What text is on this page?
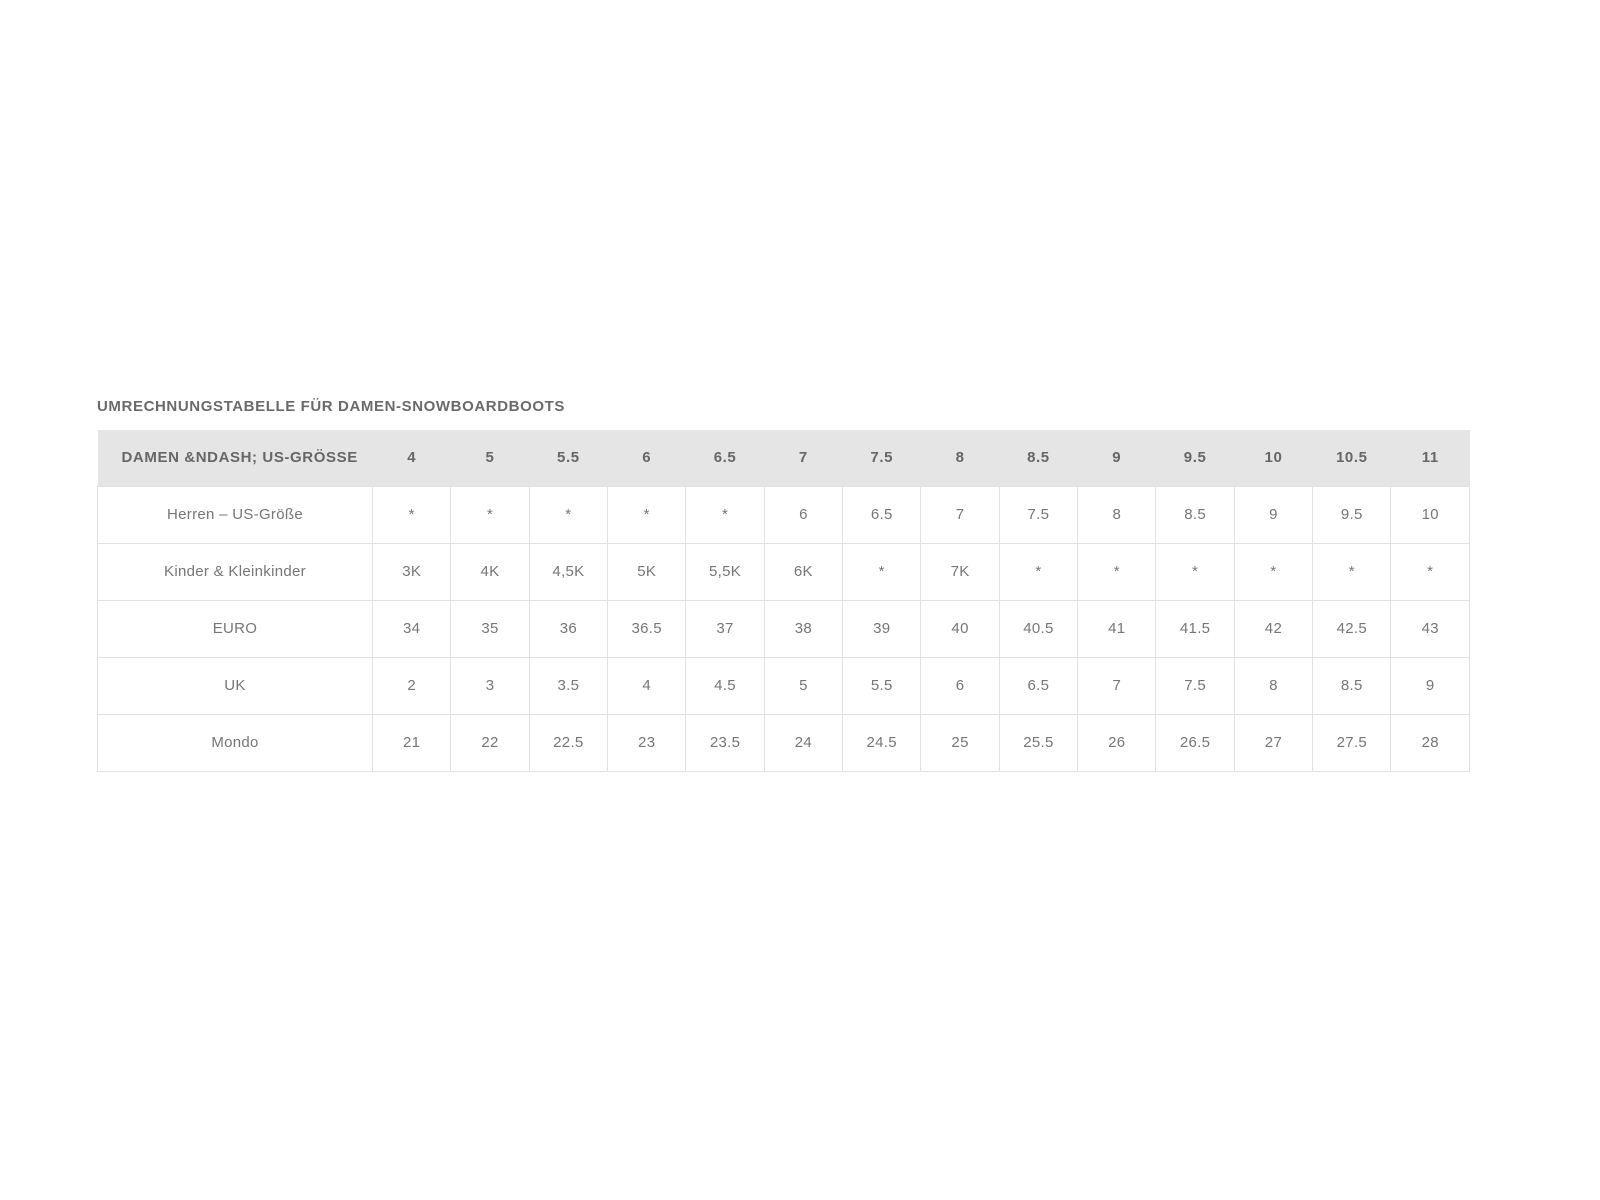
UMRECHNUNGSTABELLE FÜR DAMEN-SNOWBOARDBOOTS
DAMEN &NDASH; US-GRÖSSE	4	5	5.5	6	6.5	7	7.5	8	8.5	9	9.5	10	10.5	11
Herren – US-Größe	*	*	*	*	*	6	6.5	7	7.5	8	8.5	9	9.5	10
Kinder & Kleinkinder	3K	4K	4,5K	5K	5,5K	6K	*	7K	*	*	*	*	*	*
EURO	34	35	36	36.5	37	38	39	40	40.5	41	41.5	42	42.5	43
UK	2	3	3.5	4	4.5	5	5.5	6	6.5	7	7.5	8	8.5	9
Mondo	21	22	22.5	23	23.5	24	24.5	25	25.5	26	26.5	27	27.5	28
